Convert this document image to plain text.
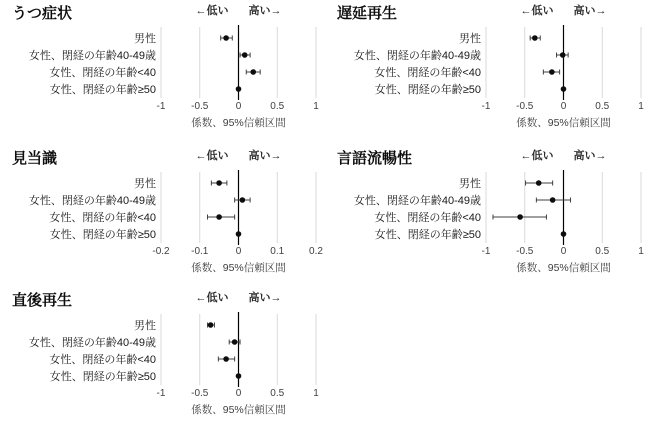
-1	-0.5	0	0.5	1
←低い 高い→
男性
女性、閉経の年齢40-49歳
女性、閉経の年齢<40
女性、閉経の年齢≥50
係数、95%信頼区間
うつ症状
-1	-0.5	0	0.5	1
←低い 高い→
男性
女性、閉経の年齢40-49歳
女性、閉経の年齢<40
女性、閉経の年齢≥50
係数、95%信頼区間
遅延再生
-0.2 -0.1	0	0.1 0.2
←低い 高い→
男性
女性、閉経の年齢40-49歳
女性、閉経の年齢<40
女性、閉経の年齢≥50
係数、95%信頼区間
見当識
-1	-0.5	0	0.5	1
←低い 高い→
男性
女性、閉経の年齢40-49歳
女性、閉経の年齢<40
女性、閉経の年齢≥50
係数、95%信頼区間
言語流暢性
-1	-0.5	0	0.5	1
←低い 高い→
男性
女性、閉経の年齢40-49歳
女性、閉経の年齢<40
女性、閉経の年齢≥50
係数、95%信頼区間
直後再生
